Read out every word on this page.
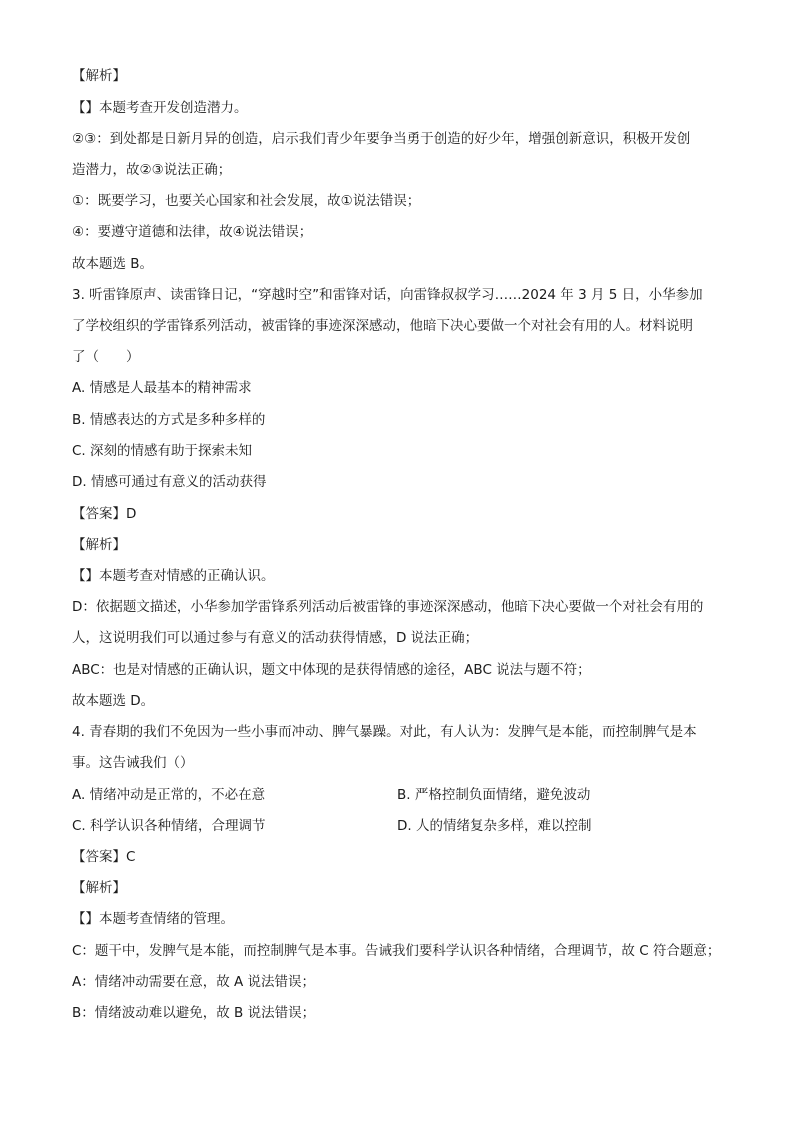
【解析】
【】本题考查开发创造潜力。
②③：到处都是日新月异的创造，启示我们青少年要争当勇于创造的好少年，增强创新意识，积极开发创
造潜力，故②③说法正确；
①：既要学习，也要关心国家和社会发展，故①说法错误；
④：要遵守道德和法律，故④说法错误；
故本题选 B。
3. 听雷锋原声、读雷锋日记，“穿越时空”和雷锋对话，向雷锋叔叔学习……2024 年 3 月 5 日，小华参加
了学校组织的学雷锋系列活动，被雷锋的事迹深深感动，他暗下决心要做一个对社会有用的人。材料说明
了（　　）
A. 情感是人最基本的精神需求
B. 情感表达的方式是多种多样的
C. 深刻的情感有助于探索未知
D. 情感可通过有意义的活动获得
【答案】D
【解析】
【】本题考查对情感的正确认识。
D：依据题文描述，小华参加学雷锋系列活动后被雷锋的事迹深深感动，他暗下决心要做一个对社会有用的
人，这说明我们可以通过参与有意义的活动获得情感，D 说法正确；
ABC：也是对情感的正确认识，题文中体现的是获得情感的途径，ABC 说法与题不符；
故本题选 D。
4. 青春期的我们不免因为一些小事而冲动、脾气暴躁。对此，有人认为：发脾气是本能，而控制脾气是本
事。这告诫我们（）
A. 情绪冲动是正常的，不必在意	B. 严格控制负面情绪，避免波动
C. 科学认识各种情绪，合理调节	D. 人的情绪复杂多样，难以控制
【答案】C
【解析】
【】本题考查情绪的管理。
C：题干中，发脾气是本能，而控制脾气是本事。告诫我们要科学认识各种情绪，合理调节，故 C 符合题意；
A：情绪冲动需要在意，故 A 说法错误；
B：情绪波动难以避免，故 B 说法错误；
